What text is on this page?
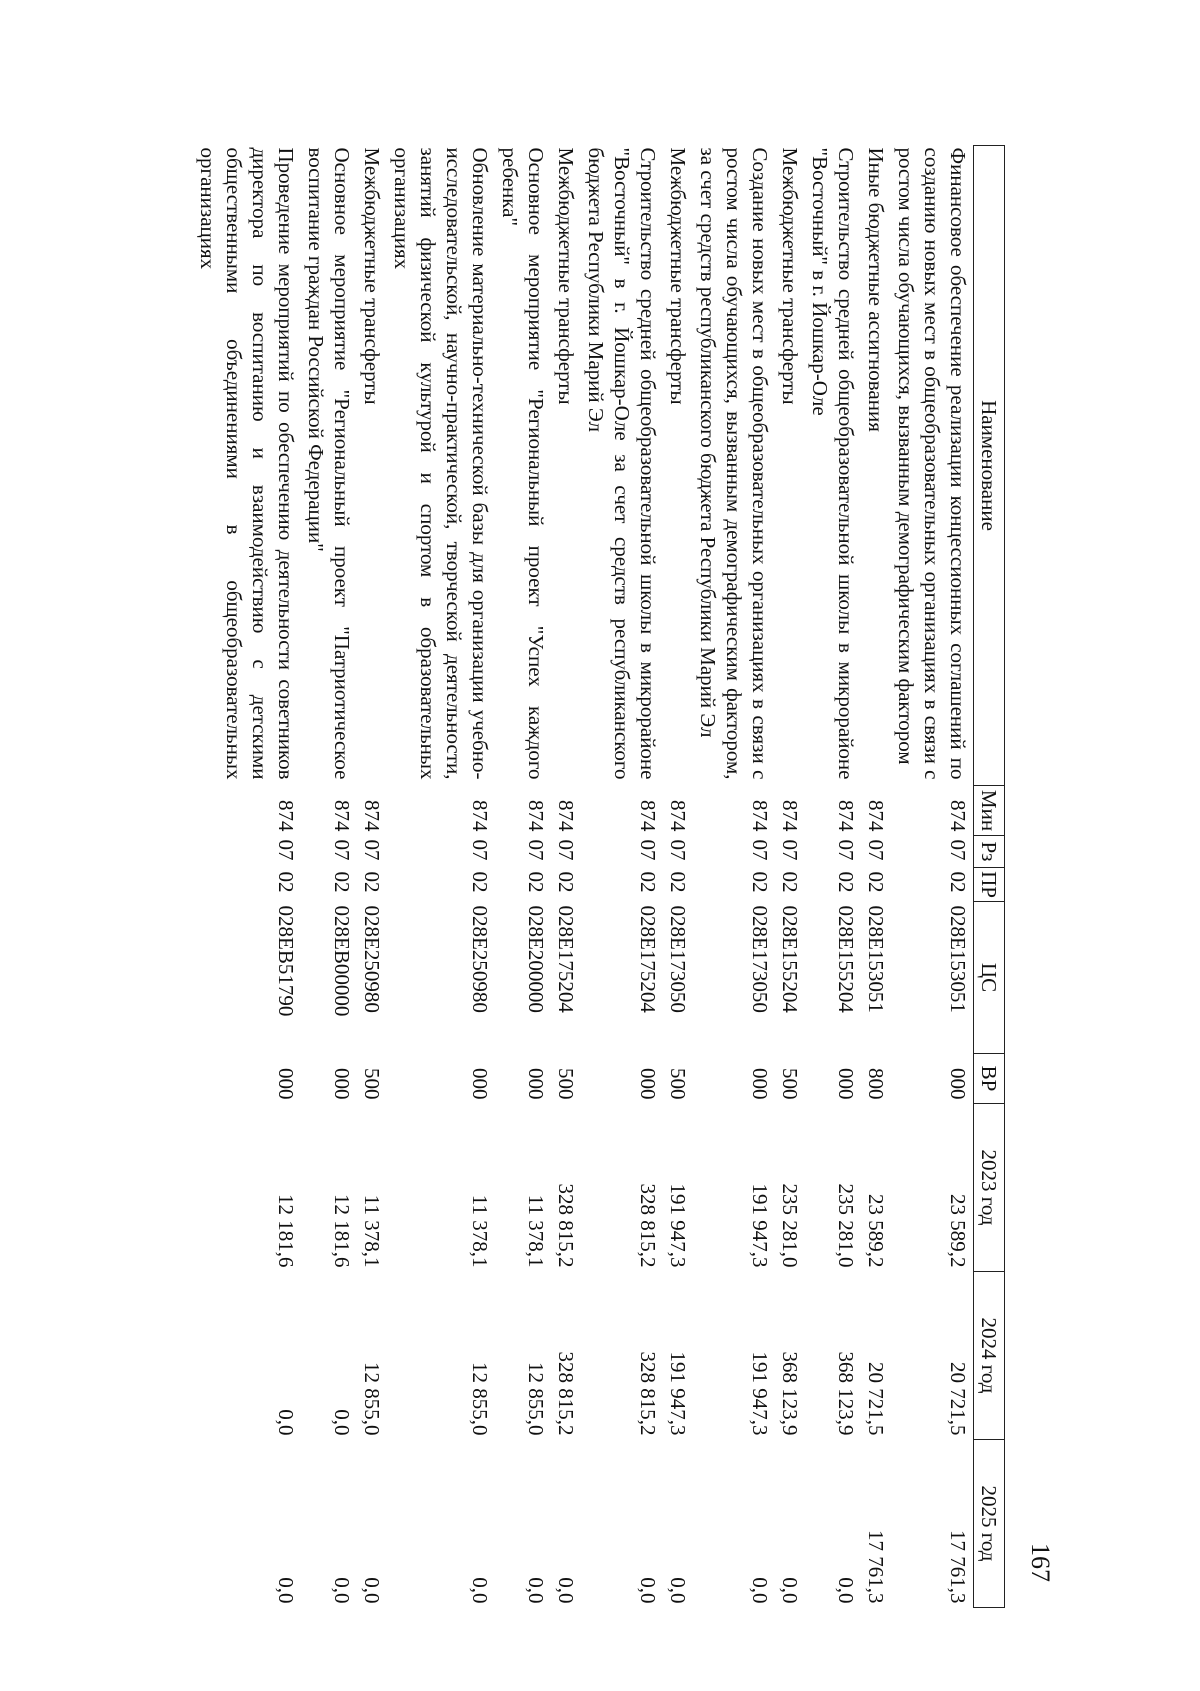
167
Наименование	Мин	Рз	ПР	ЦС	ВР	2023 год	2024 год	2025 год
Финансовое обеспечение реализации концессионных соглашений по созданию новых мест в общеобразовательных организациях в связи с ростом числа обучающихся, вызванным демографическим фактором	874	07	02	028E153051	000	23 589,2	20 721,5	17 761,3
Иные бюджетные ассигнования	874	07	02	028E153051	800	23 589,2	20 721,5	17 761,3
Строительство средней общеобразовательной школы в микрорайоне "Восточный" в г. Йошкар-Оле	874	07	02	028E155204	000	235 281,0	368 123,9	0,0
Межбюджетные трансферты	874	07	02	028E155204	500	235 281,0	368 123,9	0,0
Создание новых мест в общеобразовательных организациях в связи с ростом числа обучающихся, вызванным демографическим фактором, за счет средств республиканского бюджета Республики Марий Эл	874	07	02	028E173050	000	191 947,3	191 947,3	0,0
Межбюджетные трансферты	874	07	02	028E173050	500	191 947,3	191 947,3	0,0
Строительство средней общеобразовательной школы в микрорайоне "Восточный" в г. Йошкар-Оле за счет средств республиканского бюджета Республики Марий Эл	874	07	02	028E175204	000	328 815,2	328 815,2	0,0
Межбюджетные трансферты	874	07	02	028E175204	500	328 815,2	328 815,2	0,0
Основное мероприятие "Региональный проект "Успех каждого ребенка"	874	07	02	028E200000	000	11 378,1	12 855,0	0,0
Обновление материально-технической базы для организации учебно-исследовательской, научно-практической, творческой деятельности, занятий физической культурой и спортом в образовательных организациях	874	07	02	028E250980	000	11 378,1	12 855,0	0,0
Межбюджетные трансферты	874	07	02	028E250980	500	11 378,1	12 855,0	0,0
Основное мероприятие "Региональный проект "Патриотическое воспитание граждан Российской Федерации"	874	07	02	028EB00000	000	12 181,6	0,0	0,0
Проведение мероприятий по обеспечению деятельности советников директора по воспитанию и взаимодействию с детскими общественными объединениями в общеобразовательных организациях	874	07	02	028EB51790	000	12 181,6	0,0	0,0
